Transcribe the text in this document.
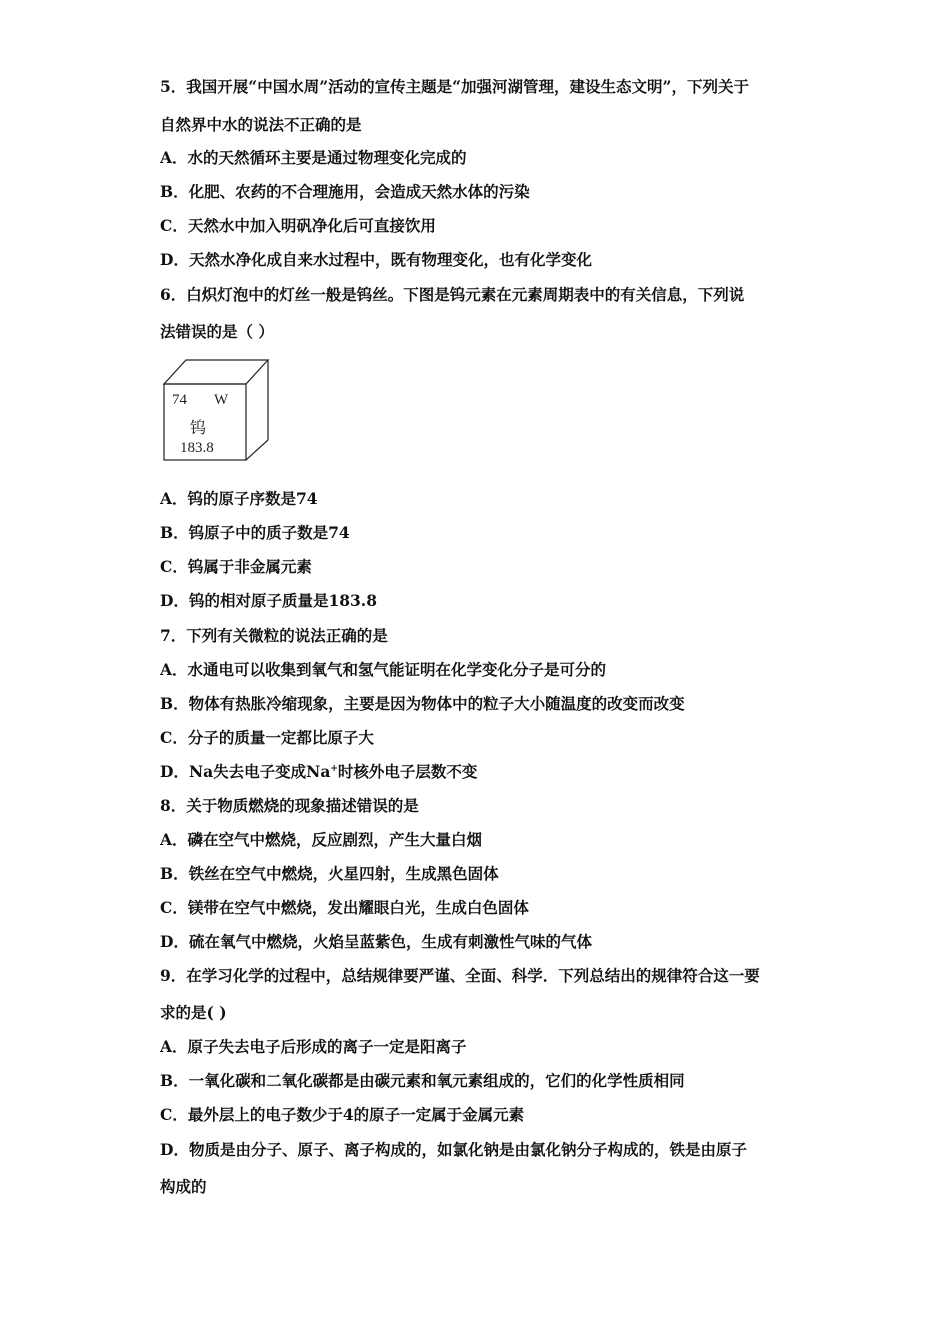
5．我国开展“中国水周”活动的宣传主题是“加强河湖管理，建设生态文明”，下列关于
自然界中水的说法不正确的是
A．水的天然循环主要是通过物理变化完成的
B．化肥、农药的不合理施用，会造成天然水体的污染
C．天然水中加入明矾净化后可直接饮用
D．天然水净化成自来水过程中，既有物理变化，也有化学变化
6．白炽灯泡中的灯丝一般是钨丝。下图是钨元素在元素周期表中的有关信息，下列说
法错误的是（ ）
74 W
钨
183.8
A．钨的原子序数是74
B．钨原子中的质子数是74
C．钨属于非金属元素
D．钨的相对原子质量是183.8
7．下列有关微粒的说法正确的是
A．水通电可以收集到氧气和氢气能证明在化学变化分子是可分的
B．物体有热胀冷缩现象，主要是因为物体中的粒子大小随温度的改变而改变
C．分子的质量一定都比原子大
D．Na失去电子变成Na+时核外电子层数不变
8．关于物质燃烧的现象描述错误的是
A．磷在空气中燃烧，反应剧烈，产生大量白烟
B．铁丝在空气中燃烧，火星四射，生成黑色固体
C．镁带在空气中燃烧，发出耀眼白光，生成白色固体
D．硫在氧气中燃烧，火焰呈蓝紫色，生成有刺激性气味的气体
9．在学习化学的过程中，总结规律要严谨、全面、科学．下列总结出的规律符合这一要
求的是( )
A．原子失去电子后形成的离子一定是阳离子
B．一氧化碳和二氧化碳都是由碳元素和氧元素组成的，它们的化学性质相同
C．最外层上的电子数少于4的原子一定属于金属元素
D．物质是由分子、原子、离子构成的，如氯化钠是由氯化钠分子构成的，铁是由原子
构成的
